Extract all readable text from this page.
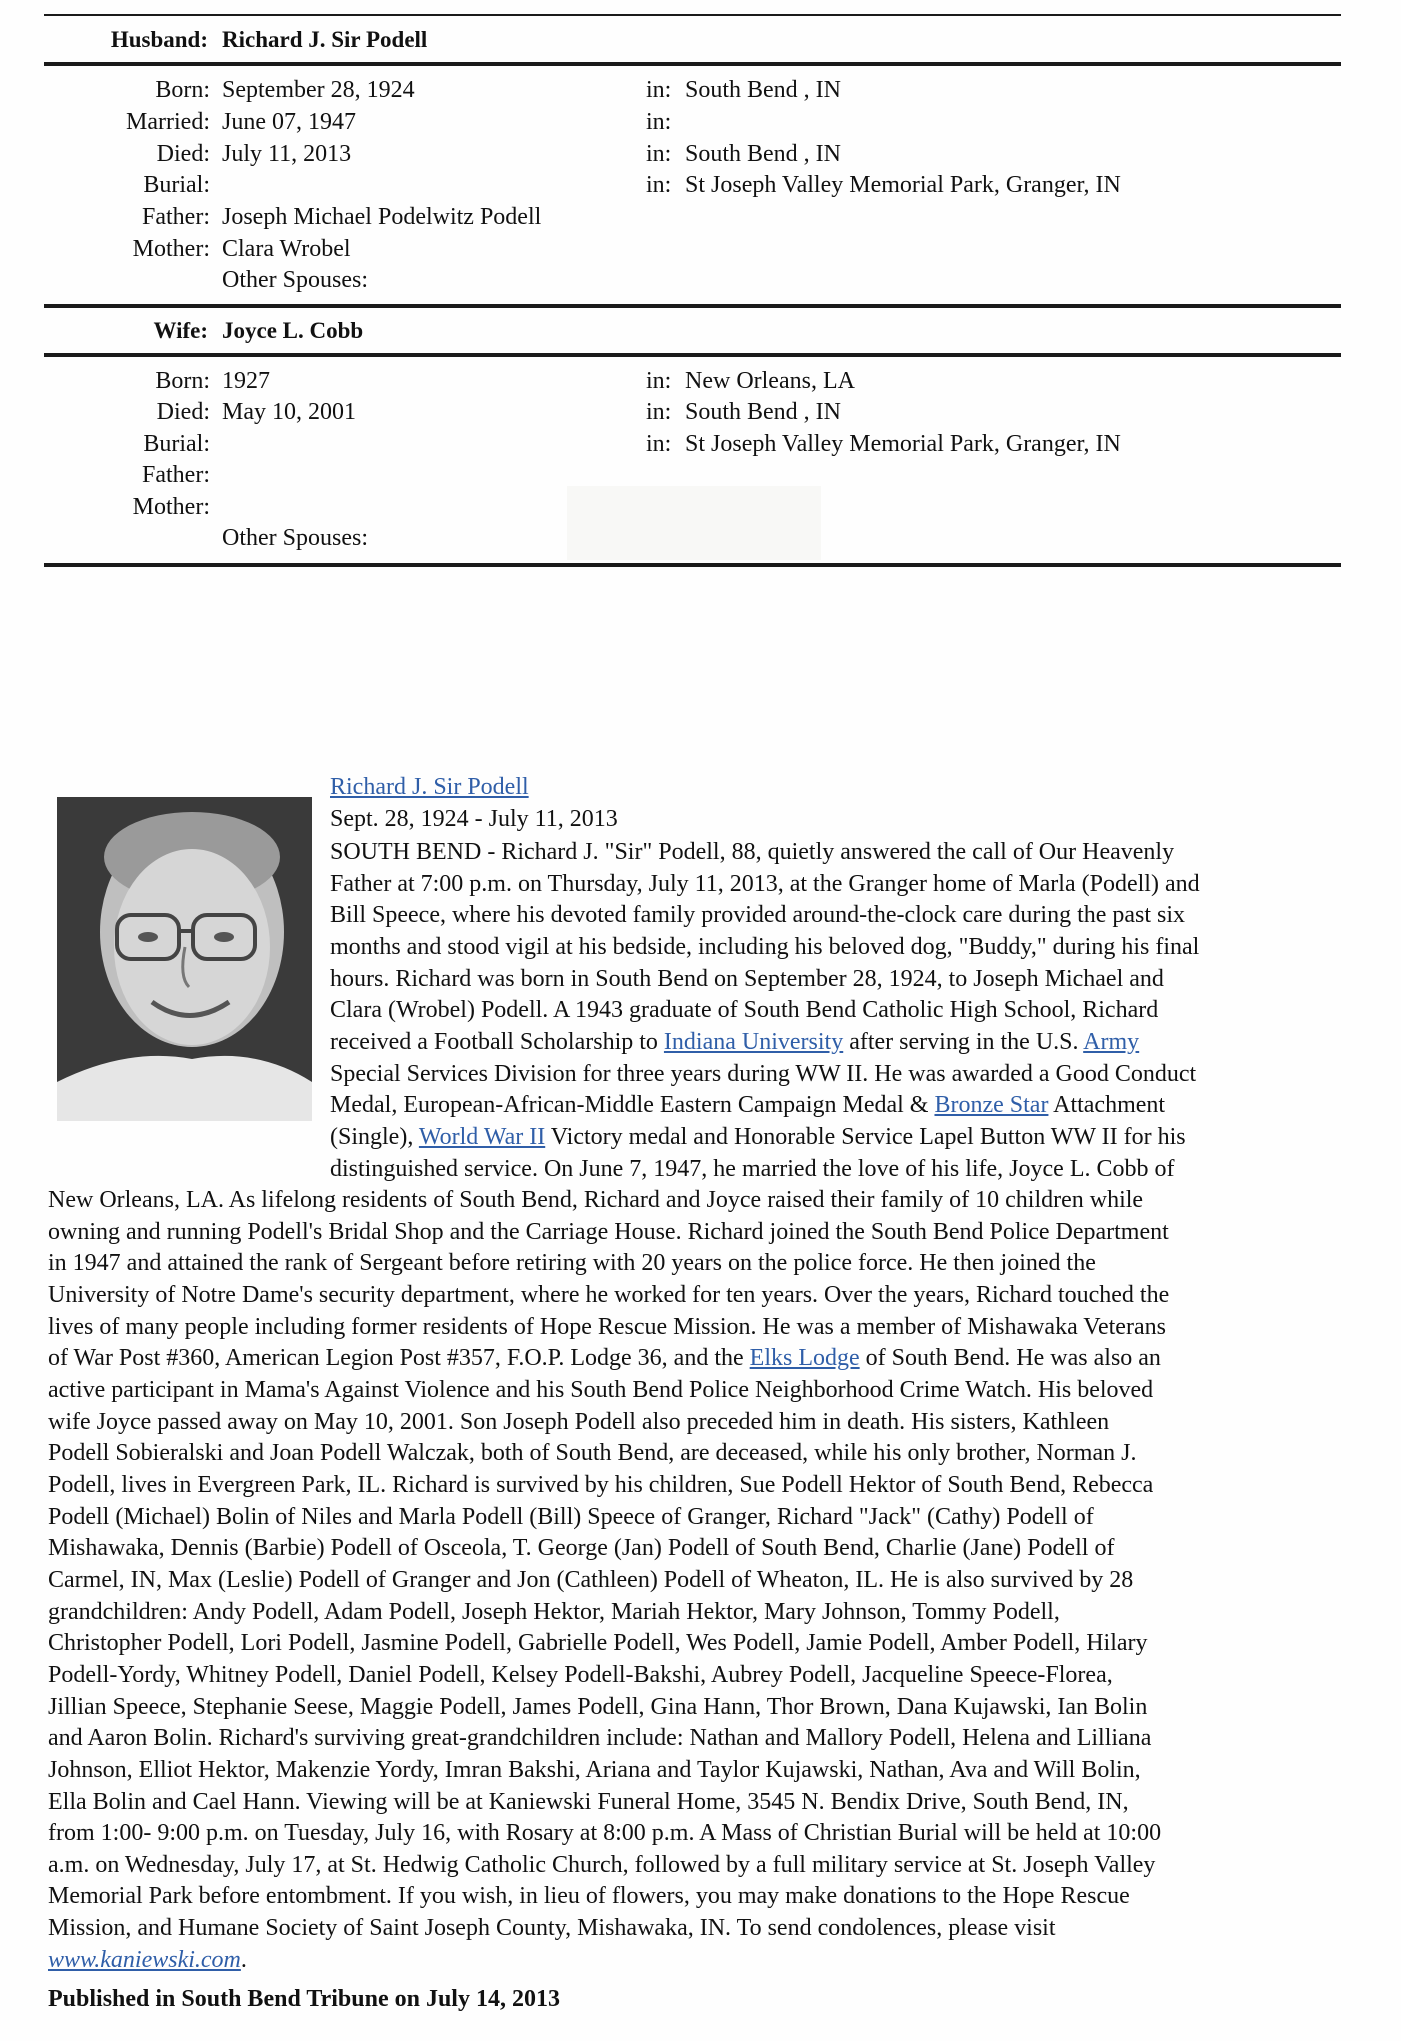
Husband: Richard J. Sir Podell
Born: September 28, 1924	in: South Bend , IN
Married: June 07, 1947	in:
Died: July 11, 2013	in: South Bend , IN
Burial:	in: St Joseph Valley Memorial Park, Granger, IN
Father: Joseph Michael Podelwitz Podell
Mother: Clara Wrobel
Other Spouses:
Wife: Joyce L. Cobb
Born: 1927	in: New Orleans, LA
Died: May 10, 2001	in: South Bend , IN
Burial:	in: St Joseph Valley Memorial Park, Granger, IN
Father:
Mother:
Other Spouses:
Richard J. Sir Podell
Sept. 28, 1924 - July 11, 2013
SOUTH BEND - Richard J. "Sir" Podell, 88, quietly answered the call of Our Heavenly
Father at 7:00 p.m. on Thursday, July 11, 2013, at the Granger home of Marla (Podell) and
Bill Speece, where his devoted family provided around-the-clock care during the past six
months and stood vigil at his bedside, including his beloved dog, "Buddy," during his final
hours. Richard was born in South Bend on September 28, 1924, to Joseph Michael and
Clara (Wrobel) Podell. A 1943 graduate of South Bend Catholic High School, Richard
received a Football Scholarship to Indiana University after serving in the U.S. Army
Special Services Division for three years during WW II. He was awarded a Good Conduct
Medal, European-African-Middle Eastern Campaign Medal & Bronze Star Attachment
(Single), World War II Victory medal and Honorable Service Lapel Button WW II for his
distinguished service. On June 7, 1947, he married the love of his life, Joyce L. Cobb of
New Orleans, LA. As lifelong residents of South Bend, Richard and Joyce raised their family of 10 children while
owning and running Podell's Bridal Shop and the Carriage House. Richard joined the South Bend Police Department
in 1947 and attained the rank of Sergeant before retiring with 20 years on the police force. He then joined the
University of Notre Dame's security department, where he worked for ten years. Over the years, Richard touched the
lives of many people including former residents of Hope Rescue Mission. He was a member of Mishawaka Veterans
of War Post #360, American Legion Post #357, F.O.P. Lodge 36, and the Elks Lodge of South Bend. He was also an
active participant in Mama's Against Violence and his South Bend Police Neighborhood Crime Watch. His beloved
wife Joyce passed away on May 10, 2001. Son Joseph Podell also preceded him in death. His sisters, Kathleen
Podell Sobieralski and Joan Podell Walczak, both of South Bend, are deceased, while his only brother, Norman J.
Podell, lives in Evergreen Park, IL. Richard is survived by his children, Sue Podell Hektor of South Bend, Rebecca
Podell (Michael) Bolin of Niles and Marla Podell (Bill) Speece of Granger, Richard "Jack" (Cathy) Podell of
Mishawaka, Dennis (Barbie) Podell of Osceola, T. George (Jan) Podell of South Bend, Charlie (Jane) Podell of
Carmel, IN, Max (Leslie) Podell of Granger and Jon (Cathleen) Podell of Wheaton, IL. He is also survived by 28
grandchildren: Andy Podell, Adam Podell, Joseph Hektor, Mariah Hektor, Mary Johnson, Tommy Podell,
Christopher Podell, Lori Podell, Jasmine Podell, Gabrielle Podell, Wes Podell, Jamie Podell, Amber Podell, Hilary
Podell-Yordy, Whitney Podell, Daniel Podell, Kelsey Podell-Bakshi, Aubrey Podell, Jacqueline Speece-Florea,
Jillian Speece, Stephanie Seese, Maggie Podell, James Podell, Gina Hann, Thor Brown, Dana Kujawski, Ian Bolin
and Aaron Bolin. Richard's surviving great-grandchildren include: Nathan and Mallory Podell, Helena and Lilliana
Johnson, Elliot Hektor, Makenzie Yordy, Imran Bakshi, Ariana and Taylor Kujawski, Nathan, Ava and Will Bolin,
Ella Bolin and Cael Hann. Viewing will be at Kaniewski Funeral Home, 3545 N. Bendix Drive, South Bend, IN,
from 1:00- 9:00 p.m. on Tuesday, July 16, with Rosary at 8:00 p.m. A Mass of Christian Burial will be held at 10:00
a.m. on Wednesday, July 17, at St. Hedwig Catholic Church, followed by a full military service at St. Joseph Valley
Memorial Park before entombment. If you wish, in lieu of flowers, you may make donations to the Hope Rescue
Mission, and Humane Society of Saint Joseph County, Mishawaka, IN. To send condolences, please visit
www.kaniewski.com.
Published in South Bend Tribune on July 14, 2013
